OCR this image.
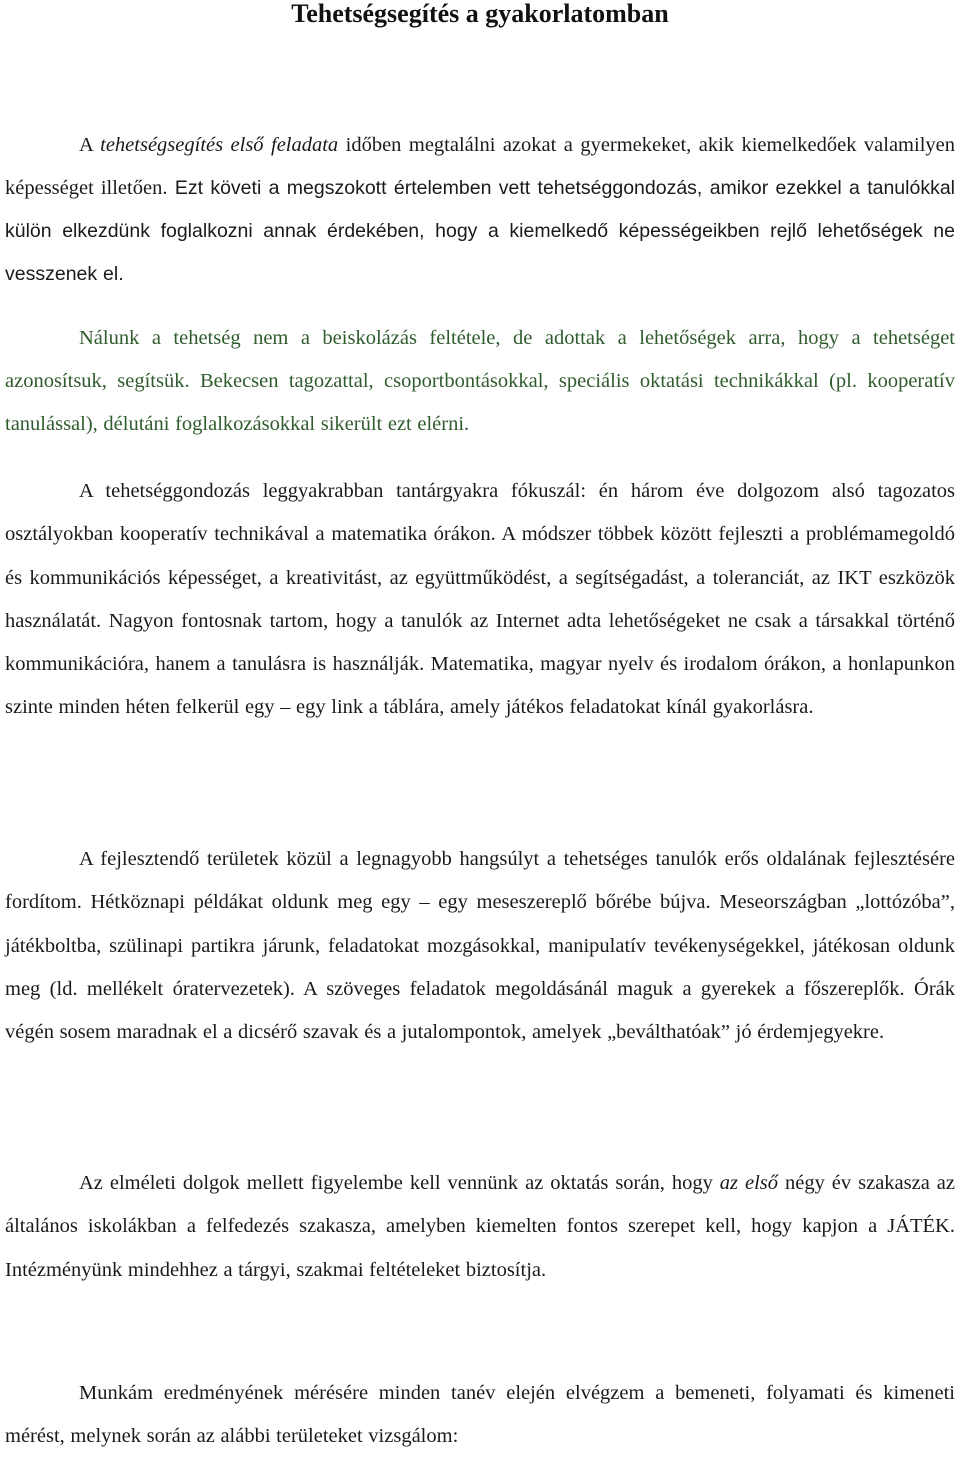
Tehetségsegítés a gyakorlatomban

A tehetségsegítés első feladata időben megtalálni azokat a gyermekeket, akik kiemelkedőek valamilyen képességet illetően. Ezt követi a megszokott értelemben vett tehetséggondozás, amikor ezekkel a tanulókkal külön elkezdünk foglalkozni annak érdekében, hogy a kiemelkedő képességeikben rejlő lehetőségek ne vesszenek el.

Nálunk a tehetség nem a beiskolázás feltétele, de adottak a lehetőségek arra, hogy a tehetséget azonosítsuk, segítsük. Bekecsen tagozattal, csoportbontásokkal, speciális oktatási technikákkal (pl. kooperatív tanulással), délutáni foglalkozásokkal sikerült ezt elérni.

A tehetséggondozás leggyakrabban tantárgyakra fókuszál: én három éve dolgozom alsó tagozatos osztályokban kooperatív technikával a matematika órákon. A módszer többek között fejleszti a problémamegoldó és kommunikációs képességet, a kreativitást, az együttműködést, a segítségadást, a toleranciát, az IKT eszközök használatát. Nagyon fontosnak tartom, hogy a tanulók az Internet adta lehetőségeket ne csak a társakkal történő kommunikációra, hanem a tanulásra is használják. Matematika, magyar nyelv és irodalom órákon, a honlapunkon szinte minden héten felkerül egy – egy link a táblára, amely játékos feladatokat kínál gyakorlásra.

A fejlesztendő területek közül a legnagyobb hangsúlyt a tehetséges tanulók erős oldalának fejlesztésére fordítom. Hétköznapi példákat oldunk meg egy – egy meseszereplő bőrébe bújva. Meseországban „lottózóba”, játékboltba, szülinapi partikra járunk, feladatokat mozgásokkal, manipulatív tevékenységekkel, játékosan oldunk meg (ld. mellékelt óratervezetek). A szöveges feladatok megoldásánál maguk a gyerekek a főszereplők. Órák végén sosem maradnak el a dicsérő szavak és a jutalompontok, amelyek „beválthatóak” jó érdemjegyekre.

Az elméleti dolgok mellett figyelembe kell vennünk az oktatás során, hogy az első négy év szakasza az általános iskolákban a felfedezés szakasza, amelyben kiemelten fontos szerepet kell, hogy kapjon a JÁTÉK. Intézményünk mindehhez a tárgyi, szakmai feltételeket biztosítja.

Munkám eredményének mérésére minden tanév elején elvégzem a bemeneti, folyamati és kimeneti mérést, melynek során az alábbi területeket vizsgálom:
